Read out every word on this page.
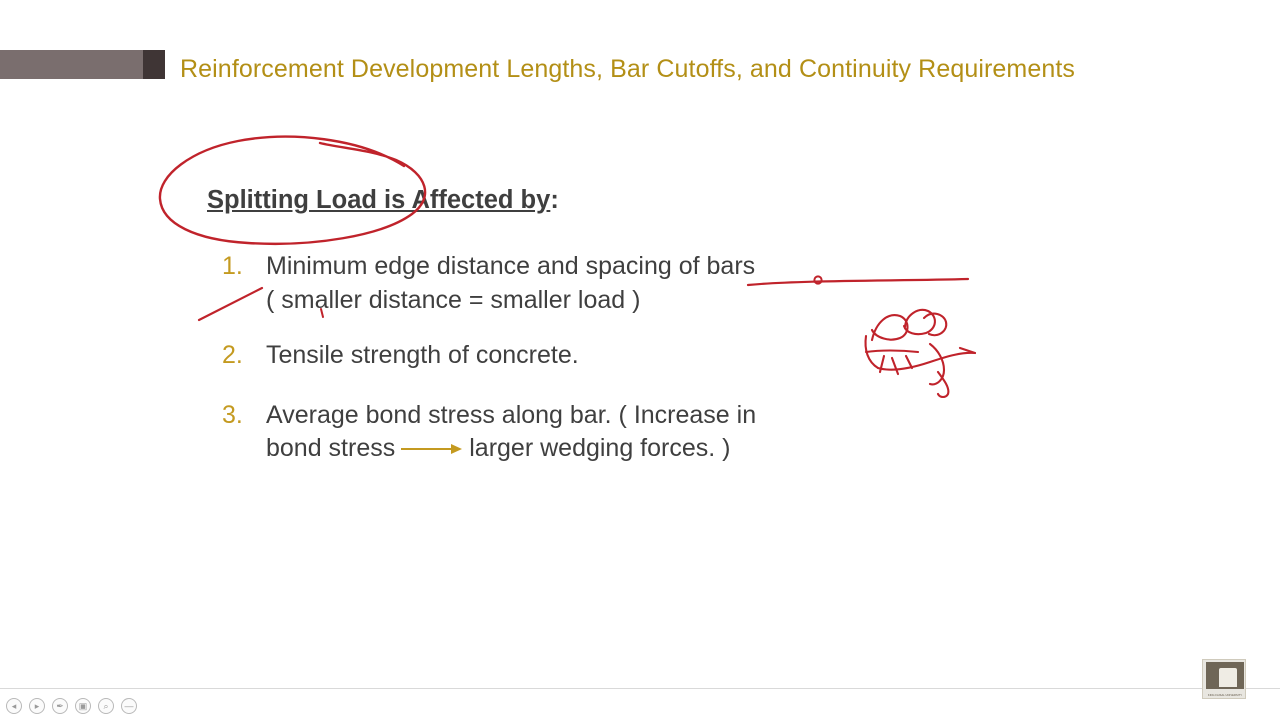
Reinforcement Development Lengths, Bar Cutoffs, and Continuity Requirements
Splitting Load is Affected by:
1. Minimum edge distance and spacing of bars
( smaller distance = smaller load )
2. Tensile strength of concrete.
3. Average bond stress along bar. ( Increase in
bond stress	larger wedging forces. )
◂	▸	✒	▣	⌕	—
KING FAISAL UNIVERSITY
